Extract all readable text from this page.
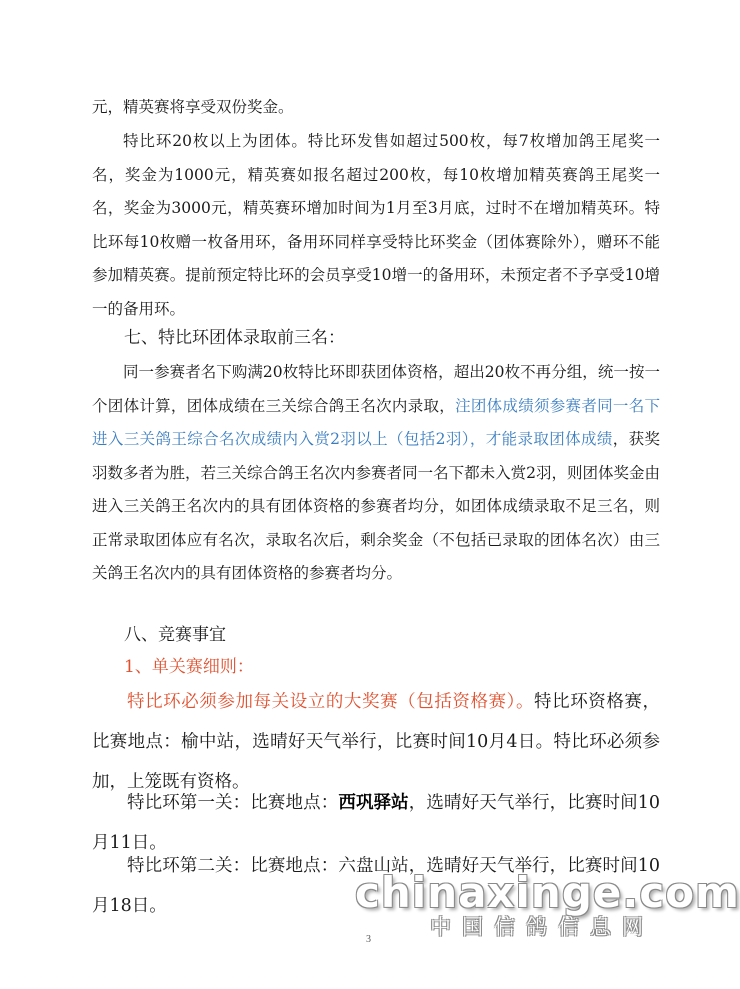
元，精英赛将享受双份奖金。

特比环20枚以上为团体。特比环发售如超过500枚，每7枚增加鸽王尾奖一名，奖金为1000元，精英赛如报名超过200枚，每10枚增加精英赛鸽王尾奖一名，奖金为3000元，精英赛环增加时间为1月至3月底，过时不在增加精英环。特比环每10枚赠一枚备用环，备用环同样享受特比环奖金（团体赛除外），赠环不能参加精英赛。提前预定特比环的会员享受10增一的备用环，未预定者不予享受10增一的备用环。

七、特比环团体录取前三名：

同一参赛者名下购满20枚特比环即获团体资格，超出20枚不再分组，统一按一个团体计算，团体成绩在三关综合鸽王名次内录取，注团体成绩须参赛者同一名下进入三关鸽王综合名次成绩内入赏2羽以上（包括2羽），才能录取团体成绩，获奖羽数多者为胜，若三关综合鸽王名次内参赛者同一名下都未入赏2羽，则团体奖金由进入三关鸽王名次内的具有团体资格的参赛者均分，如团体成绩录取不足三名，则正常录取团体应有名次，录取名次后，剩余奖金（不包括已录取的团体名次）由三关鸽王名次内的具有团体资格的参赛者均分。

八、竞赛事宜

1、单关赛细则：

特比环必须参加每关设立的大奖赛（包括资格赛）。特比环资格赛，比赛地点：榆中站，选晴好天气举行，比赛时间10月4日。特比环必须参加，上笼既有资格。

特比环第一关：比赛地点：西巩驿站，选晴好天气举行，比赛时间10月11日。

特比环第二关：比赛地点：六盘山站，选晴好天气举行，比赛时间10月18日。	chinaxinge.com
中国信鸽信息网
3
